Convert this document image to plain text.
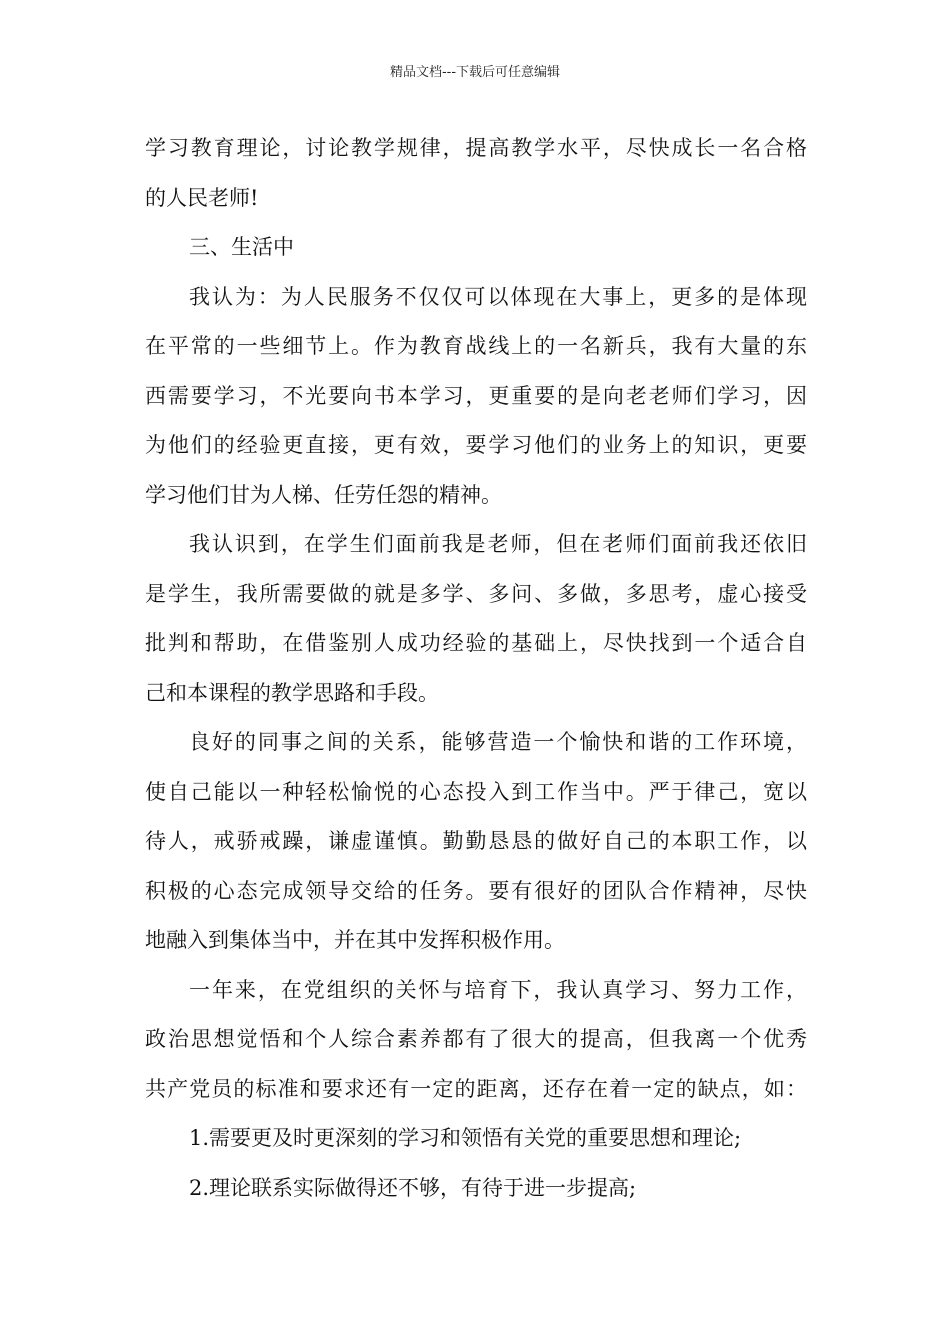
精品文档---下载后可任意编辑
学习教育理论，讨论教学规律，提高教学水平，尽快成长一名合格
的人民老师!
三、生活中
我认为：为人民服务不仅仅可以体现在大事上，更多的是体现
在平常的一些细节上。作为教育战线上的一名新兵，我有大量的东
西需要学习，不光要向书本学习，更重要的是向老老师们学习，因
为他们的经验更直接，更有效，要学习他们的业务上的知识，更要
学习他们甘为人梯、任劳任怨的精神。
我认识到，在学生们面前我是老师，但在老师们面前我还依旧
是学生，我所需要做的就是多学、多问、多做，多思考，虚心接受
批判和帮助，在借鉴别人成功经验的基础上，尽快找到一个适合自
己和本课程的教学思路和手段。
良好的同事之间的关系，能够营造一个愉快和谐的工作环境，
使自己能以一种轻松愉悦的心态投入到工作当中。严于律己，宽以
待人，戒骄戒躁，谦虚谨慎。勤勤恳恳的做好自己的本职工作，以
积极的心态完成领导交给的任务。要有很好的团队合作精神，尽快
地融入到集体当中，并在其中发挥积极作用。
一年来，在党组织的关怀与培育下，我认真学习、努力工作，
政治思想觉悟和个人综合素养都有了很大的提高，但我离一个优秀
共产党员的标准和要求还有一定的距离，还存在着一定的缺点，如：
1.需要更及时更深刻的学习和领悟有关党的重要思想和理论;
2.理论联系实际做得还不够，有待于进一步提高;
